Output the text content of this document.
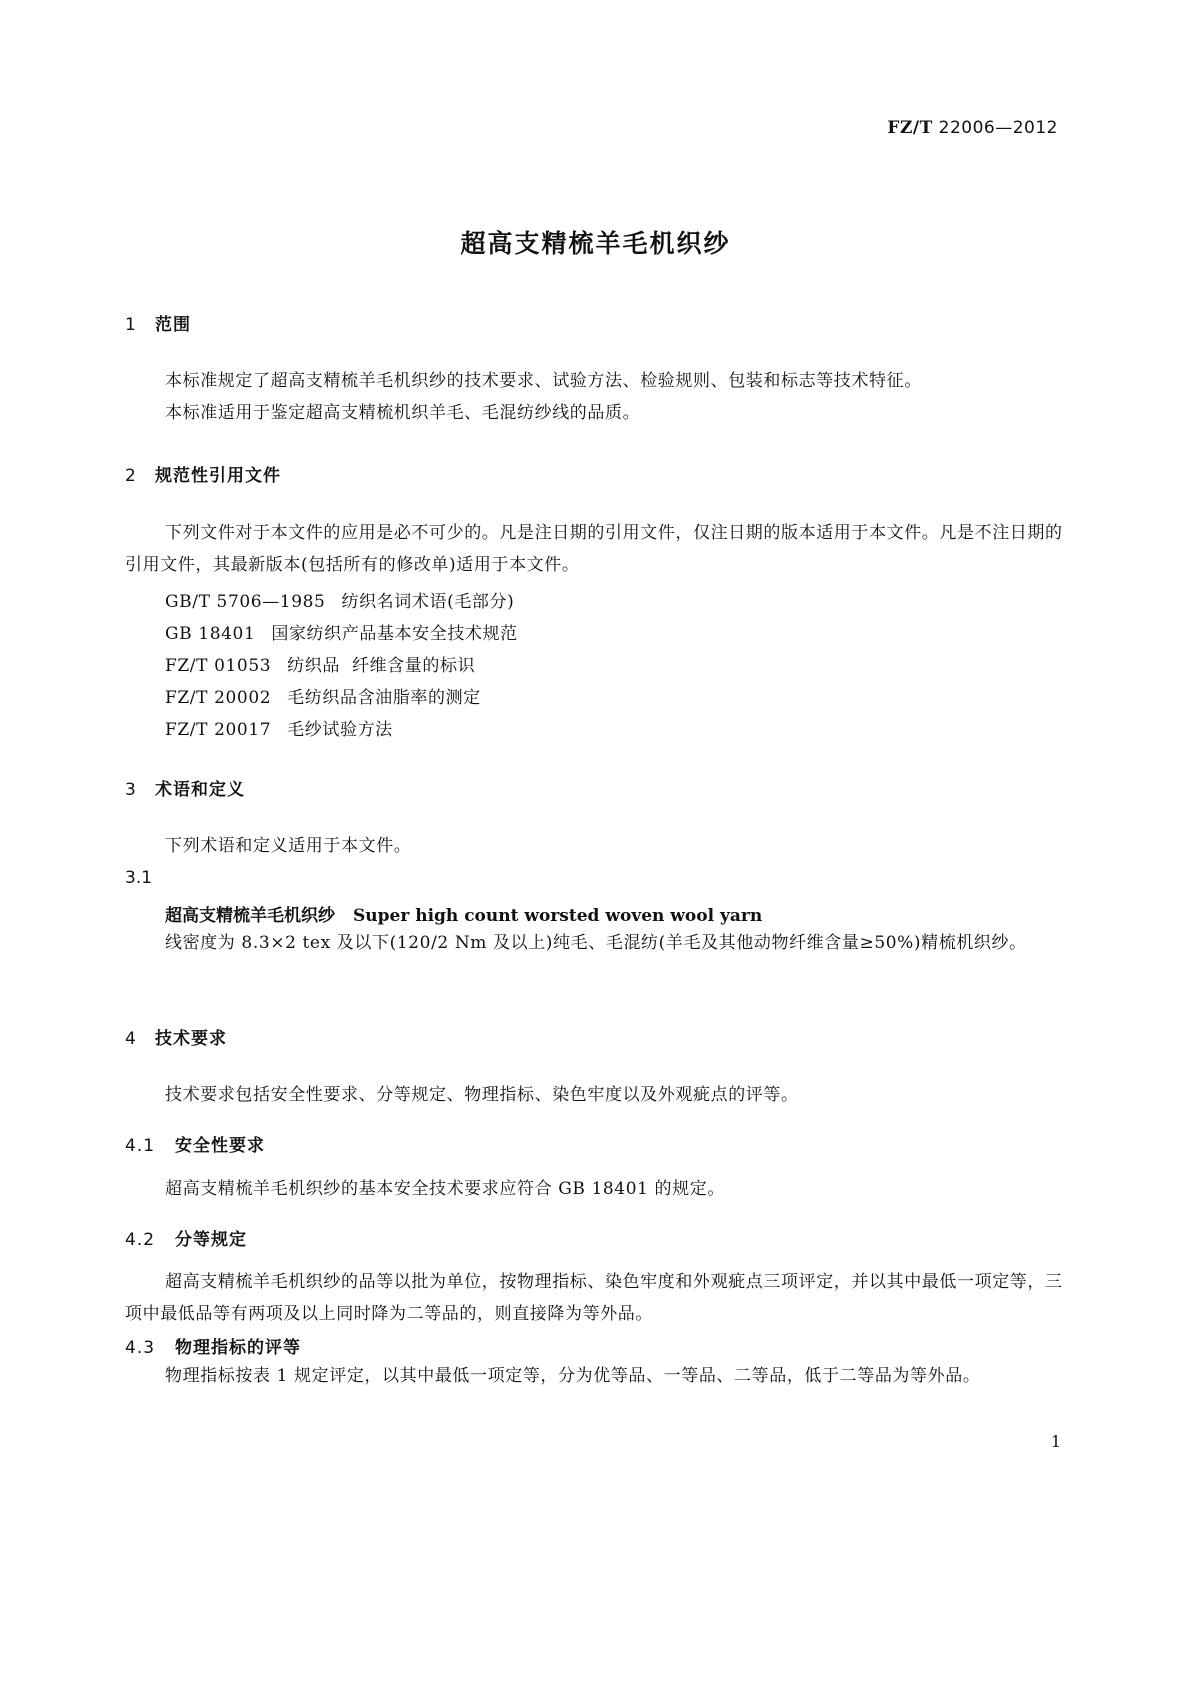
FZ/T 22006—2012
超高支精梳羊毛机织纱
1 范围
本标准规定了超高支精梳羊毛机织纱的技术要求、试验方法、检验规则、包装和标志等技术特征。
本标准适用于鉴定超高支精梳机织羊毛、毛混纺纱线的品质。
2 规范性引用文件
下列文件对于本文件的应用是必不可少的。凡是注日期的引用文件，仅注日期的版本适用于本文件。凡是不注日期的引用文件，其最新版本(包括所有的修改单)适用于本文件。
GB/T 5706—1985 纺织名词术语(毛部分)
GB 18401 国家纺织产品基本安全技术规范
FZ/T 01053 纺织品  纤维含量的标识
FZ/T 20002 毛纺织品含油脂率的测定
FZ/T 20017 毛纱试验方法
3 术语和定义
下列术语和定义适用于本文件。
3.1
超高支精梳羊毛机织纱 Super high count worsted woven wool yarn
线密度为 8.3×2 tex 及以下(120/2 Nm 及以上)纯毛、毛混纺(羊毛及其他动物纤维含量≥50%)精梳机织纱。
4 技术要求
技术要求包括安全性要求、分等规定、物理指标、染色牢度以及外观疵点的评等。
4.1 安全性要求
超高支精梳羊毛机织纱的基本安全技术要求应符合 GB 18401 的规定。
4.2 分等规定
超高支精梳羊毛机织纱的品等以批为单位，按物理指标、染色牢度和外观疵点三项评定，并以其中最低一项定等，三项中最低品等有两项及以上同时降为二等品的，则直接降为等外品。
4.3 物理指标的评等
物理指标按表 1 规定评定，以其中最低一项定等，分为优等品、一等品、二等品，低于二等品为等外品。
1
